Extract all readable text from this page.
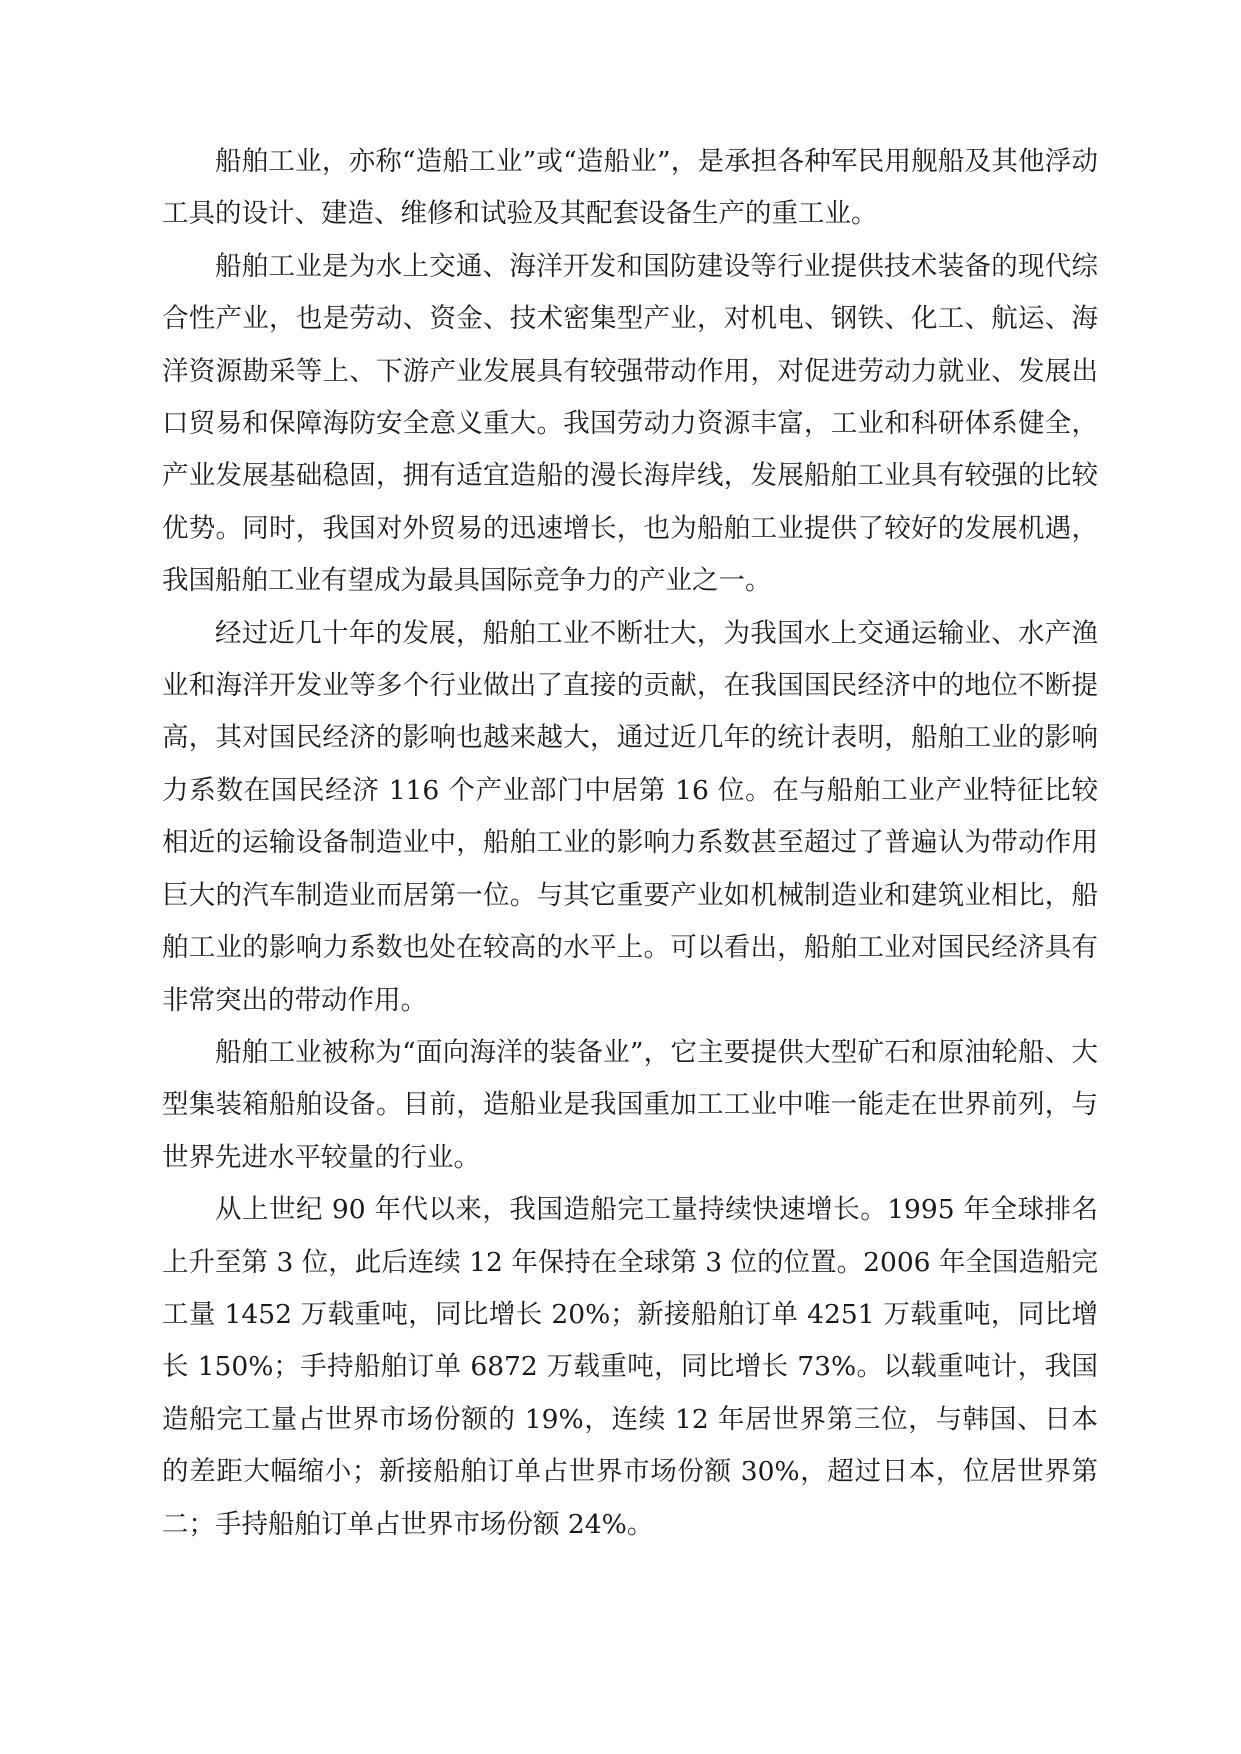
船舶工业，亦称“造船工业”或“造船业”，是承担各种军民用舰船及其他浮动工具的设计、建造、维修和试验及其配套设备生产的重工业。

船舶工业是为水上交通、海洋开发和国防建设等行业提供技术装备的现代综合性产业，也是劳动、资金、技术密集型产业，对机电、钢铁、化工、航运、海洋资源勘采等上、下游产业发展具有较强带动作用，对促进劳动力就业、发展出口贸易和保障海防安全意义重大。我国劳动力资源丰富，工业和科研体系健全，产业发展基础稳固，拥有适宜造船的漫长海岸线，发展船舶工业具有较强的比较优势。同时，我国对外贸易的迅速增长，也为船舶工业提供了较好的发展机遇，我国船舶工业有望成为最具国际竞争力的产业之一。

经过近几十年的发展，船舶工业不断壮大，为我国水上交通运输业、水产渔业和海洋开发业等多个行业做出了直接的贡献，在我国国民经济中的地位不断提高，其对国民经济的影响也越来越大，通过近几年的统计表明，船舶工业的影响力系数在国民经济 116 个产业部门中居第 16 位。在与船舶工业产业特征比较相近的运输设备制造业中，船舶工业的影响力系数甚至超过了普遍认为带动作用巨大的汽车制造业而居第一位。与其它重要产业如机械制造业和建筑业相比，船舶工业的影响力系数也处在较高的水平上。可以看出，船舶工业对国民经济具有非常突出的带动作用。

船舶工业被称为“面向海洋的装备业”，它主要提供大型矿石和原油轮船、大型集装箱船舶设备。目前，造船业是我国重加工工业中唯一能走在世界前列，与世界先进水平较量的行业。

从上世纪 90 年代以来，我国造船完工量持续快速增长。1995 年全球排名上升至第 3 位，此后连续 12 年保持在全球第 3 位的位置。2006 年全国造船完工量 1452 万载重吨，同比增长 20%；新接船舶订单 4251 万载重吨，同比增长 150%；手持船舶订单 6872 万载重吨，同比增长 73%。以载重吨计，我国造船完工量占世界市场份额的 19%，连续 12 年居世界第三位，与韩国、日本的差距大幅缩小；新接船舶订单占世界市场份额 30%，超过日本，位居世界第二；手持船舶订单占世界市场份额 24%。
